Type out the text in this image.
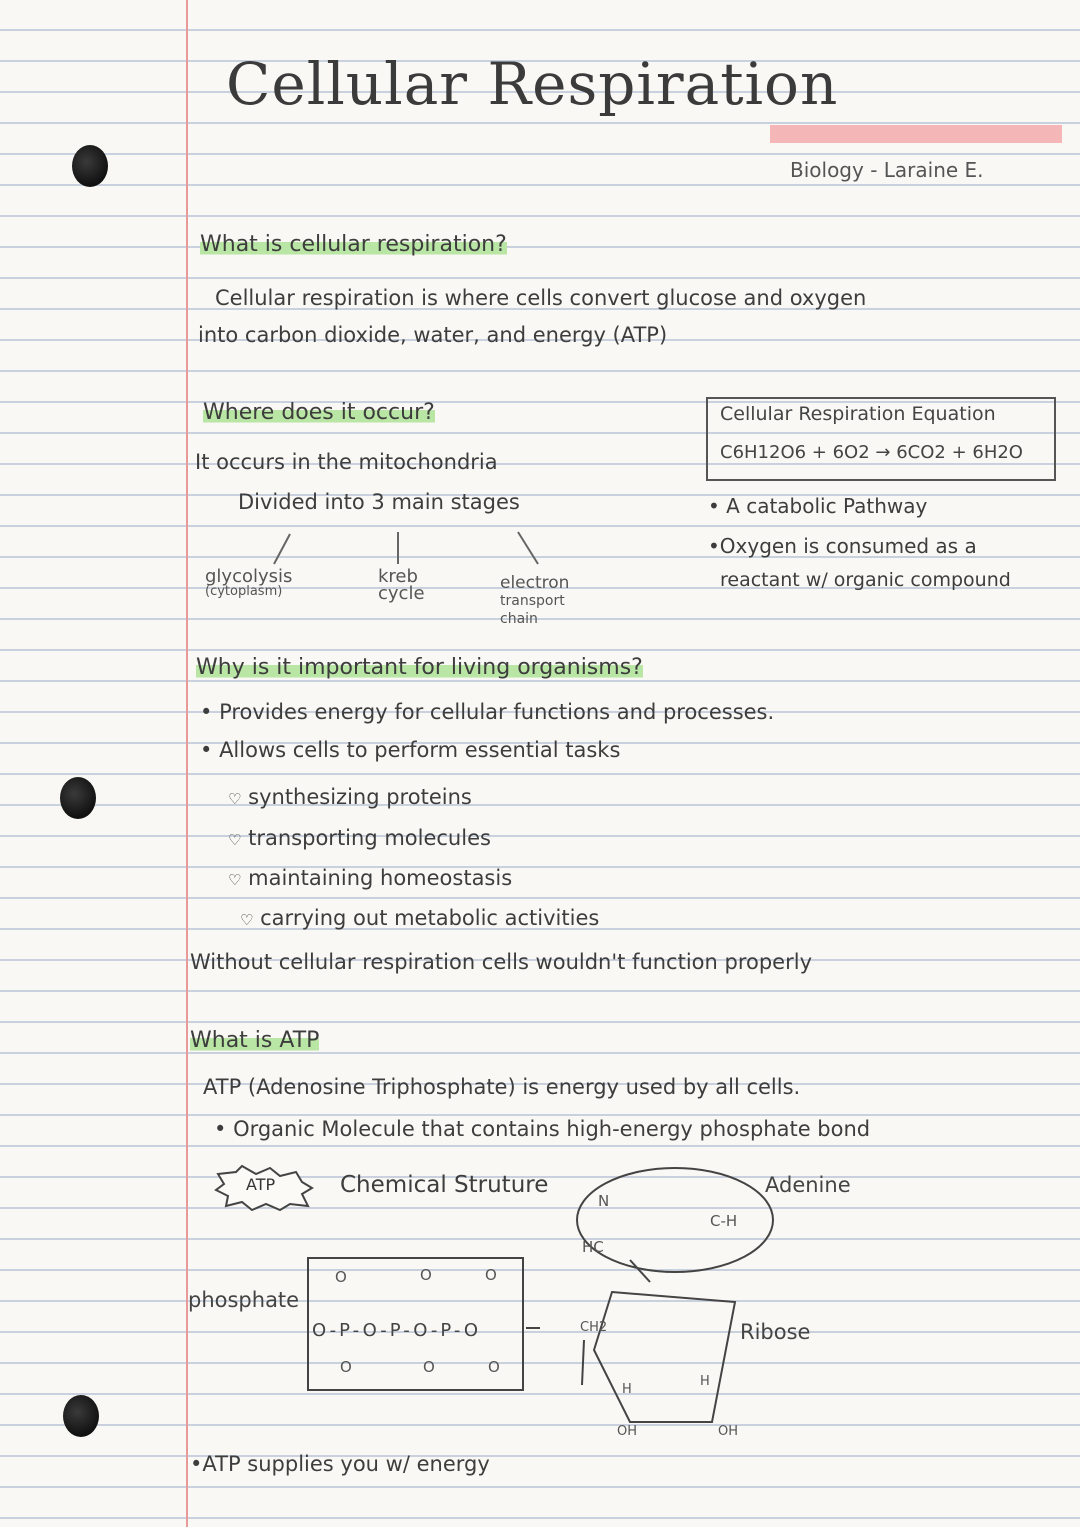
Cellular Respiration
Biology - Laraine E.
What is cellular respiration?
Cellular respiration is where cells convert glucose and oxygen
into carbon dioxide, water, and energy (ATP)
Where does it occur?
It occurs in the mitochondria
Divided into 3 main stages
glycolysis
(cytoplasm)
kreb
cycle	electron
transport chain
Cellular Respiration Equation
C6H12O6 + 6O2 → 6CO2 + 6H2O
• A catabolic Pathway
•Oxygen is consumed as a
reactant w/ organic compound
Why is it important for living organisms?
• Provides energy for cellular functions and processes.
• Allows cells to perform essential tasks
♡ synthesizing proteins
♡ transporting molecules
♡ maintaining homeostasis
♡ carrying out metabolic activities
Without cellular respiration cells wouldn't function properly
What is ATP
ATP (Adenosine Triphosphate) is energy used by all cells.
• Organic Molecule that contains high-energy phosphate bond
ATP	Chemical Struture	Adenine
phosphate
Ribose
O	O	O
O-P-O-P-O-P-O
O	O	O
CH2
N
HC
C-H
OH	OH
H
H
•ATP supplies you w/ energy
